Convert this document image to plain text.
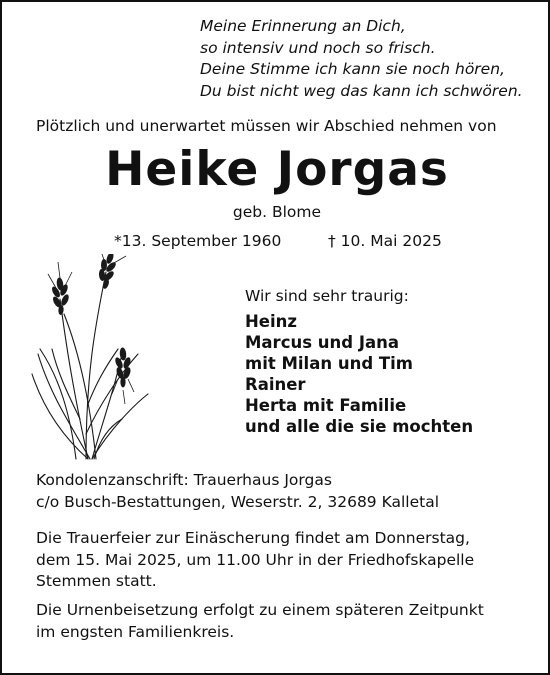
Meine Erinnerung an Dich,
so intensiv und noch so frisch.
Deine Stimme ich kann sie noch hören,
Du bist nicht weg das kann ich schwören.
Plötzlich und unerwartet müssen wir Abschied nehmen von
Heike Jorgas
geb. Blome
*13. September 1960	† 10. Mai 2025
Wir sind sehr traurig:
Heinz
Marcus und Jana
mit Milan und Tim
Rainer
Herta mit Familie
und alle die sie mochten
Kondolenzanschrift: Trauerhaus Jorgas
c/o Busch-Bestattungen, Weserstr. 2, 32689 Kalletal
Die Trauerfeier zur Einäscherung findet am Donnerstag,
dem 15. Mai 2025, um 11.00 Uhr in der Friedhofskapelle
Stemmen statt.
Die Urnenbeisetzung erfolgt zu einem späteren Zeitpunkt
im engsten Familienkreis.
